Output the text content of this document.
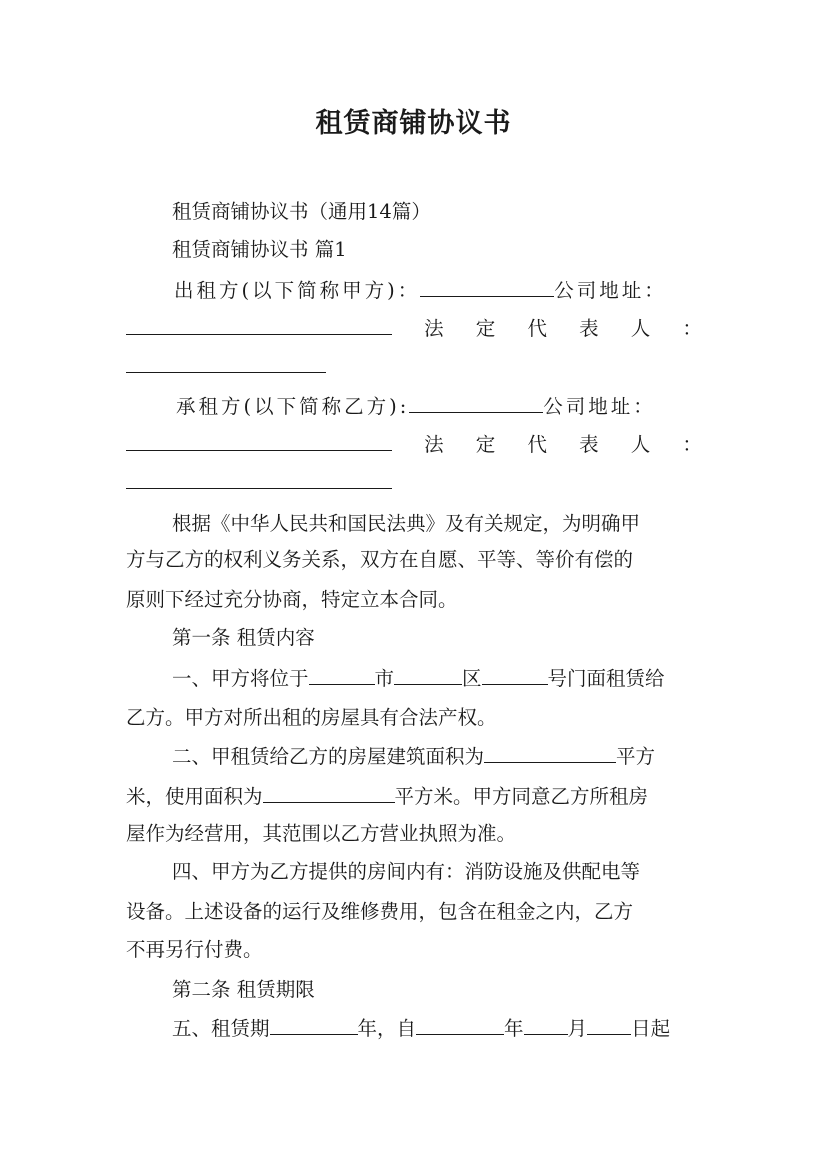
租赁商铺协议书
租赁商铺协议书（通用14篇）
租赁商铺协议书 篇1
出租方(以下简称甲方)：	公司地址：
法 定 代 表 人 ：
承租方(以下简称乙方):	公司地址：
法 定 代 表 人 ：
根据《中华人民共和国民法典》及有关规定，为明确甲
方与乙方的权利义务关系，双方在自愿、平等、等价有偿的
原则下经过充分协商，特定立本合同。
第一条 租赁内容
一、甲方将位于	市	区	号门面租赁给
乙方。甲方对所出租的房屋具有合法产权。
二、甲租赁给乙方的房屋建筑面积为	平方
米，使用面积为	平方米。甲方同意乙方所租房
屋作为经营用，其范围以乙方营业执照为准。
四、甲方为乙方提供的房间内有：消防设施及供配电等
设备。上述设备的运行及维修费用，包含在租金之内，乙方
不再另行付费。
第二条 租赁期限
五、租赁期	年，自	年 月 日起
